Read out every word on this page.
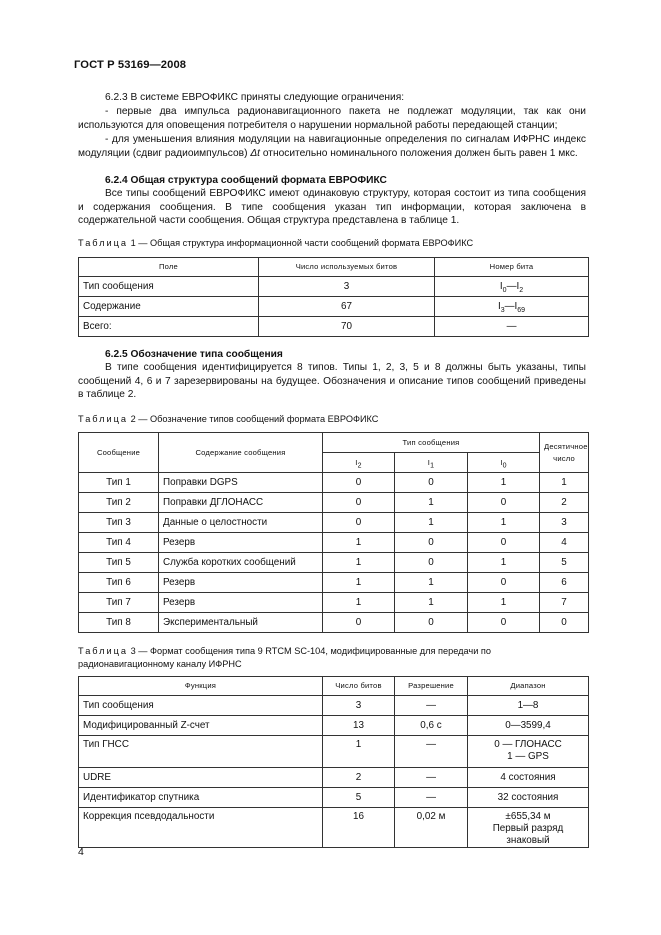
ГОСТ Р 53169—2008
6.2.3 В системе ЕВРОФИКС приняты следующие ограничения:
- первые два импульса радионавигационного пакета не подлежат модуляции, так как они используются для оповещения потребителя о нарушении нормальной работы передающей станции;
- для уменьшения влияния модуляции на навигационные определения по сигналам ИФРНС индекс модуляции (сдвиг радиоимпульсов) Δt относительно номинального положения должен быть равен 1 мкс.
6.2.4 Общая структура сообщений формата ЕВРОФИКС
Все типы сообщений ЕВРОФИКС имеют одинаковую структуру, которая состоит из типа сообщения и содержания сообщения. В типе сообщения указан тип информации, которая заключена в содержательной части сообщения. Общая структура представлена в таблице 1.
Таблица 1 — Общая структура информационной части сообщений формата ЕВРОФИКС
Поле	Число используемых битов	Номер бита
Тип сообщения	3	$I_0—I_2$
Содержание	67	$I_3—I_{69}$
Всего:	70	—
6.2.5 Обозначение типа сообщения
В типе сообщения идентифицируется 8 типов. Типы 1, 2, 3, 5 и 8 должны быть указаны, типы сообщений 4, 6 и 7 зарезервированы на будущее. Обозначения и описание типов сообщений приведены в таблице 2.
Таблица 2 — Обозначение типов сообщений формата ЕВРОФИКС
Сообщение	Содержание сообщения	Тип сообщения			Десятичное число
		$I_2$	$I_1$	$I_0$
Тип 1	Поправки DGPS	0	0	1	1
Тип 2	Поправки ДГЛОНАСС	0	1	0	2
Тип 3	Данные о целостности	0	1	1	3
Тип 4	Резерв	1	0	0	4
Тип 5	Служба коротких сообщений	1	0	1	5
Тип 6	Резерв	1	1	0	6
Тип 7	Резерв	1	1	1	7
Тип 8	Экспериментальный	0	0	0	0
Таблица 3 — Формат сообщения типа 9 RTCM SC-104, модифицированные для передачи по радионавигационному каналу ИФРНС
Функция	Число битов	Разрешение	Диапазон
Тип сообщения	3	—	1—8

Модифицированный Z-счет	13	0,6 с	0—3599,4

Тип ГНСС	1	—	0 — ГЛОНАСС
1 — GPS

UDRE	2	—	4 состояния

Идентификатор спутника	5	—	32 состояния

Коррекция псевдодальности	16	0,02 м	±655,34 м
Первый разряд знаковый
4
